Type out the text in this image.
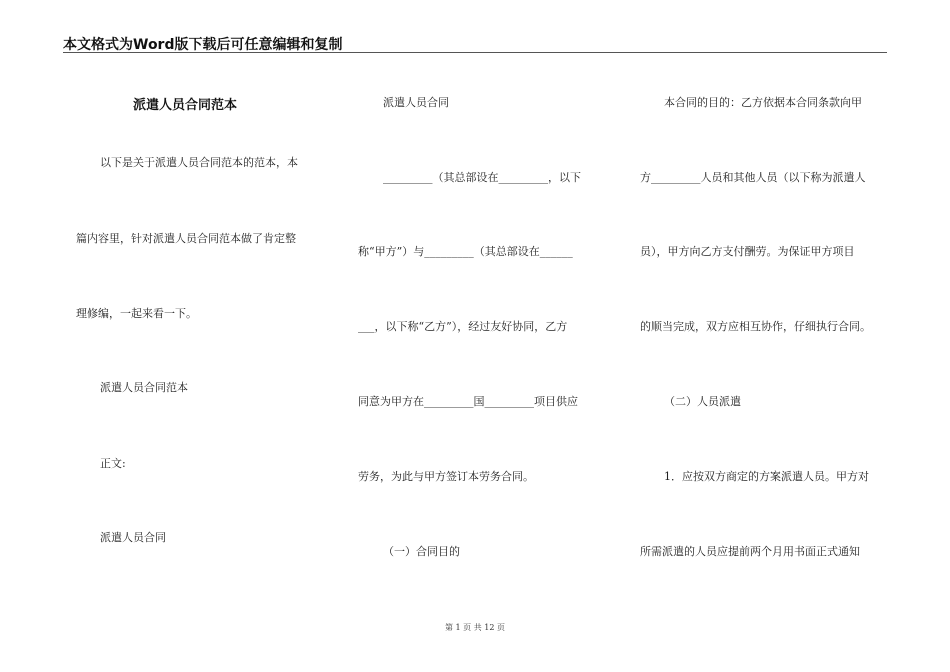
本文格式为Word版下载后可任意编辑和复制
派遣人员合同范本
以下是关于派遣人员合同范本的范本，本
篇内容里，针对派遣人员合同范本做了肯定整
理修编，一起来看一下。
派遣人员合同范本
正文:
派遣人员合同
派遣人员合同
_________（其总部设在_________，以下
称“甲方”）与_________（其总部设在______
___，以下称“乙方”），经过友好协同，乙方
同意为甲方在_________国_________项目供应
劳务，为此与甲方签订本劳务合同。
（一）合同目的
本合同的目的：乙方依据本合同条款向甲
方_________人员和其他人员（以下称为派遣人
员），甲方向乙方支付酬劳。为保证甲方项目
的顺当完成，双方应相互协作，仔细执行合同。
（二）人员派遣
1．应按双方商定的方案派遣人员。甲方对
所需派遣的人员应提前两个月用书面正式通知
第 1 页 共 12 页
